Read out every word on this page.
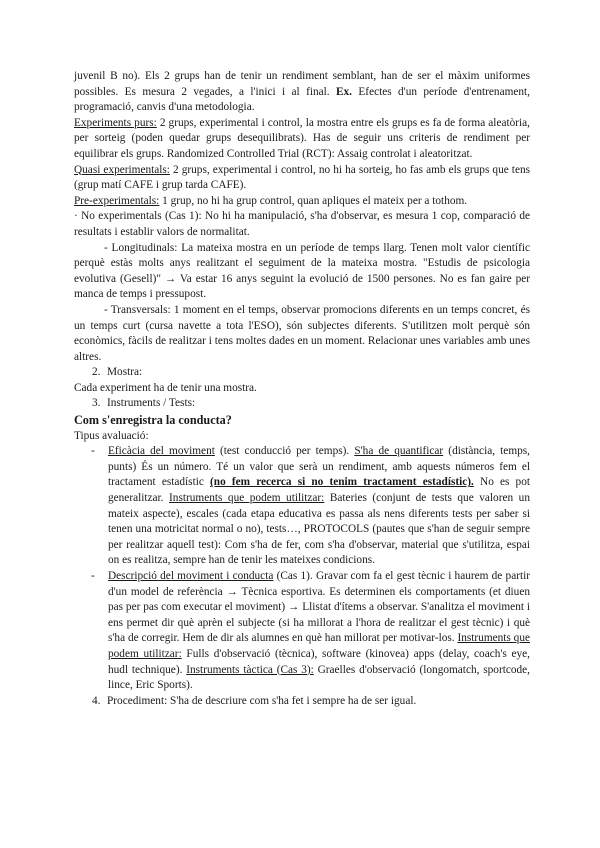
juvenil B no). Els 2 grups han de tenir un rendiment semblant, han de ser el màxim uniformes possibles. Es mesura 2 vegades, a l'inici i al final. Ex. Efectes d'un període d'entrenament, programació, canvis d'una metodologia.

Experiments purs: 2 grups, experimental i control, la mostra entre els grups es fa de forma aleatòria, per sorteig (poden quedar grups desequilibrats). Has de seguir uns criteris de rendiment per equilibrar els grups. Randomized Controlled Trial (RCT): Assaig controlat i aleatoritzat.

Quasi experimentals: 2 grups, experimental i control, no hi ha sorteig, ho fas amb els grups que tens (grup matí CAFE i grup tarda CAFE).

Pre-experimentals: 1 grup, no hi ha grup control, quan apliques el mateix per a tothom.

· No experimentals (Cas 1): No hi ha manipulació, s'ha d'observar, es mesura 1 cop, comparació de resultats i establir valors de normalitat.

- Longitudinals: La mateixa mostra en un període de temps llarg. Tenen molt valor científic perquè estàs molts anys realitzant el seguiment de la mateixa mostra. "Estudis de psicologia evolutiva (Gesell)" → Va estar 16 anys seguint la evolució de 1500 persones. No es fan gaire per manca de temps i pressupost.

- Transversals: 1 moment en el temps, observar promocions diferents en un temps concret, és un temps curt (cursa navette a tota l'ESO), són subjectes diferents. S'utilitzen molt perquè són econòmics, fàcils de realitzar i tens moltes dades en un moment. Relacionar unes variables amb unes altres.

2. Mostra:

Cada experiment ha de tenir una mostra.

3. Instruments / Tests:

Com s'enregistra la conducta?

Tipus avaluació:

- Eficàcia del moviment (test conducció per temps). S'ha de quantificar (distància, temps, punts) És un número. Té un valor que serà un rendiment, amb aquests números fem el tractament estadístic (no fem recerca si no tenim tractament estadístic). No es pot generalitzar. Instruments que podem utilitzar: Bateries (conjunt de tests que valoren un mateix aspecte), escales (cada etapa educativa es passa als nens diferents tests per saber si tenen una motricitat normal o no), tests…, PROTOCOLS (pautes que s'han de seguir sempre per realitzar aquell test): Com s'ha de fer, com s'ha d'observar, material que s'utilitza, espai on es realitza, sempre han de tenir les mateixes condicions.
- Descripció del moviment i conducta (Cas 1). Gravar com fa el gest tècnic i haurem de partir d'un model de referència → Tècnica esportiva. Es determinen els comportaments (et diuen pas per pas com executar el moviment) → Llistat d'ítems a observar. S'analitza el moviment i ens permet dir què aprèn el subjecte (si ha millorat a l'hora de realitzar el gest tècnic) i què s'ha de corregir. Hem de dir als alumnes en què han millorat per motivar-los. Instruments que podem utilitzar: Fulls d'observació (tècnica), software (kinovea) apps (delay, coach's eye, hudl technique). Instruments tàctica (Cas 3): Graelles d'observació (longomatch, sportcode, lince, Eric Sports).

4. Procediment: S'ha de descriure com s'ha fet i sempre ha de ser igual.
